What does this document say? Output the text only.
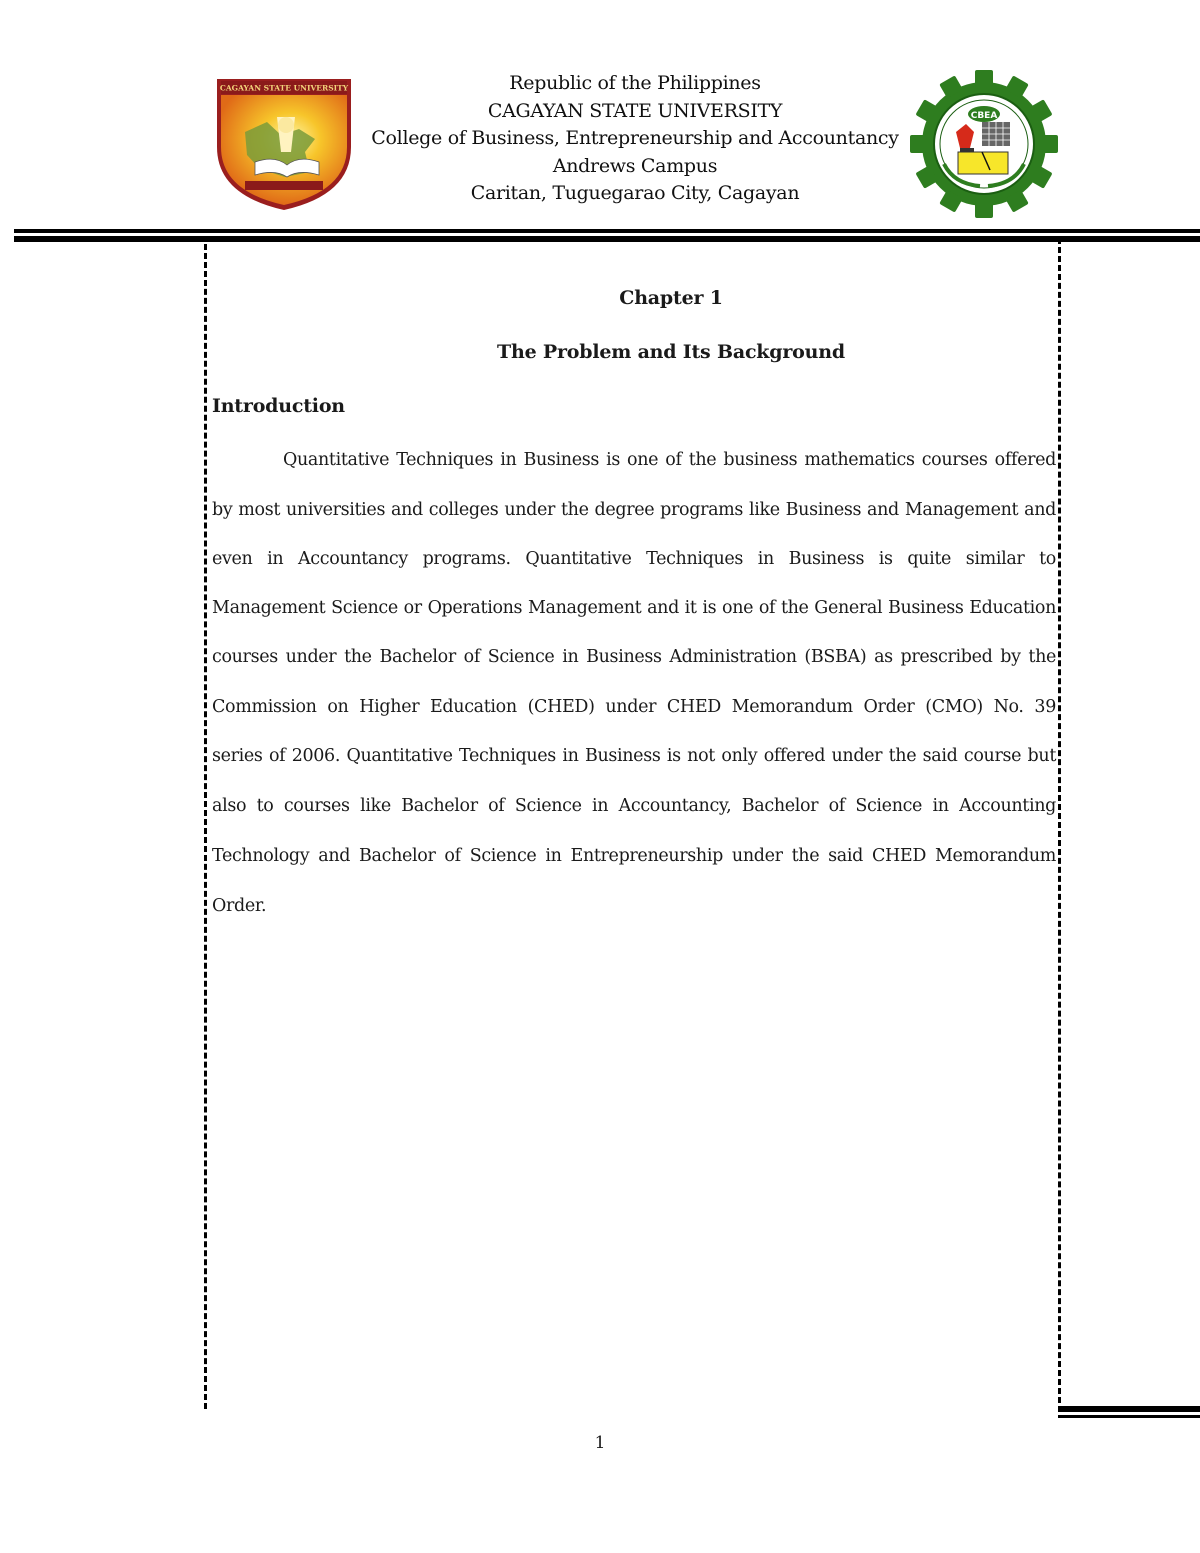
CAGAYAN STATE UNIVERSITY	Republic of the Philippines
CAGAYAN STATE UNIVERSITY
College of Business, Entrepreneurship and Accountancy
Andrews Campus
Caritan, Tuguegarao City, Cagayan
CBEA
Chapter 1
The Problem and Its Background
Introduction
Quantitative Techniques in Business is one of the business mathematics courses offered
by most universities and colleges under the degree programs like Business and Management and
even in Accountancy programs. Quantitative Techniques in Business is quite similar to
Management Science or Operations Management and it is one of the General Business Education
courses under the Bachelor of Science in Business Administration (BSBA) as prescribed by the
Commission on Higher Education (CHED) under CHED Memorandum Order (CMO) No. 39
series of 2006. Quantitative Techniques in Business is not only offered under the said course but
also to courses like Bachelor of Science in Accountancy, Bachelor of Science in Accounting
Technology and Bachelor of Science in Entrepreneurship under the said CHED Memorandum
Order.
1
